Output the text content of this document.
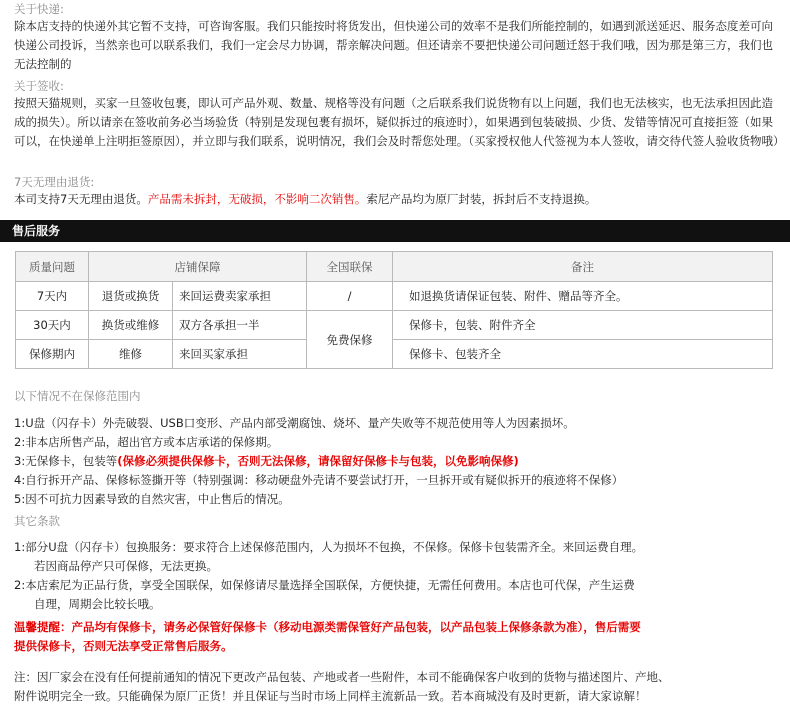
关于快递:
除本店支持的快递外其它暂不支持，可咨询客服。我们只能按时将货发出，但快递公司的效率不是我们所能控制的，如遇到派送延迟、服务态度差可向快递公司投诉，当然亲也可以联系我们，我们一定会尽力协调，帮亲解决问题。但还请亲不要把快递公司问题迁怒于我们哦，因为那是第三方，我们也无法控制的
关于签收:
按照天猫规则，买家一旦签收包裹，即认可产品外观、数量、规格等没有问题（之后联系我们说货物有以上问题，我们也无法核实，也无法承担因此造成的损失）。所以请亲在签收前务必当场验货（特别是发现包裹有损坏，疑似拆过的痕迹时），如果遇到包装破损、少货、发错等情况可直接拒签（如果可以，在快递单上注明拒签原因），并立即与我们联系，说明情况，我们会及时帮您处理。（买家授权他人代签视为本人签收，请交待代签人验收货物哦）
7天无理由退货:
本司支持7天无理由退货。产品需未拆封，无破损，不影响二次销售。索尼产品均为原厂封装，拆封后不支持退换。
售后服务
质量问题	店铺保障		全国联保	备注
7天内	退货或换货	来回运费卖家承担	/	如退换货请保证包装、附件、赠品等齐全。
30天内	换货或维修	双方各承担一半	免费保修	保修卡，包装、附件齐全
保修期内	维修	来回买家承担		保修卡、包装齐全
以下情况不在保修范围内
1:U盘（闪存卡）外壳破裂、USB口变形、产品内部受潮腐蚀、烧坏、量产失败等不规范使用等人为因素损坏。
2:非本店所售产品，超出官方或本店承诺的保修期。
3:无保修卡，包装等(保修必须提供保修卡，否则无法保修，请保留好保修卡与包装，以免影响保修)
4:自行拆开产品、保修标签撕开等（特别强调：移动硬盘外壳请不要尝试打开，一旦拆开或有疑似拆开的痕迹将不保修）
5:因不可抗力因素导致的自然灾害，中止售后的情况。
其它条款
1:部分U盘（闪存卡）包换服务：要求符合上述保修范围内，人为损坏不包换，不保修。保修卡包装需齐全。来回运费自理。
若因商品停产只可保修，无法更换。
2:本店索尼为正品行货，享受全国联保，如保修请尽量选择全国联保，方便快捷，无需任何费用。本店也可代保，产生运费
自理，周期会比较长哦。
温馨提醒：产品均有保修卡，请务必保管好保修卡（移动电源类需保管好产品包装，以产品包装上保修条款为准），售后需要
提供保修卡，否则无法享受正常售后服务。
注：因厂家会在没有任何提前通知的情况下更改产品包装、产地或者一些附件，本司不能确保客户收到的货物与描述图片、产地、
附件说明完全一致。只能确保为原厂正货！并且保证与当时市场上同样主流新品一致。若本商城没有及时更新，请大家谅解！
